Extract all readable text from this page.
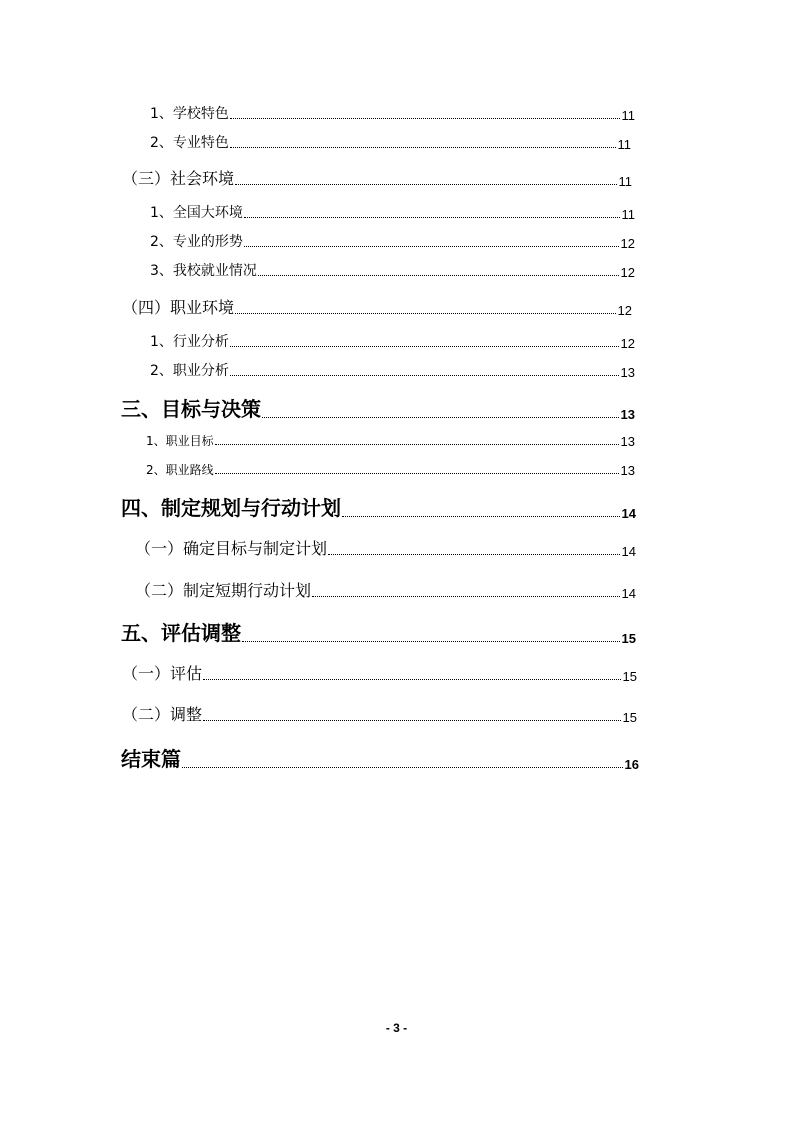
1、学校特色	11
2、专业特色	11
（三）社会环境	11
1、全国大环境	11
2、专业的形势	12
3、我校就业情况	12
（四）职业环境	12
1、行业分析	12
2、职业分析	13
三、目标与决策	13
1、职业目标	13
2、职业路线	13
四、制定规划与行动计划	14
（一）确定目标与制定计划	14
（二）制定短期行动计划	14
五、评估调整	15
（一）评估	15
（二）调整	15
结束篇	16
- 3 -
